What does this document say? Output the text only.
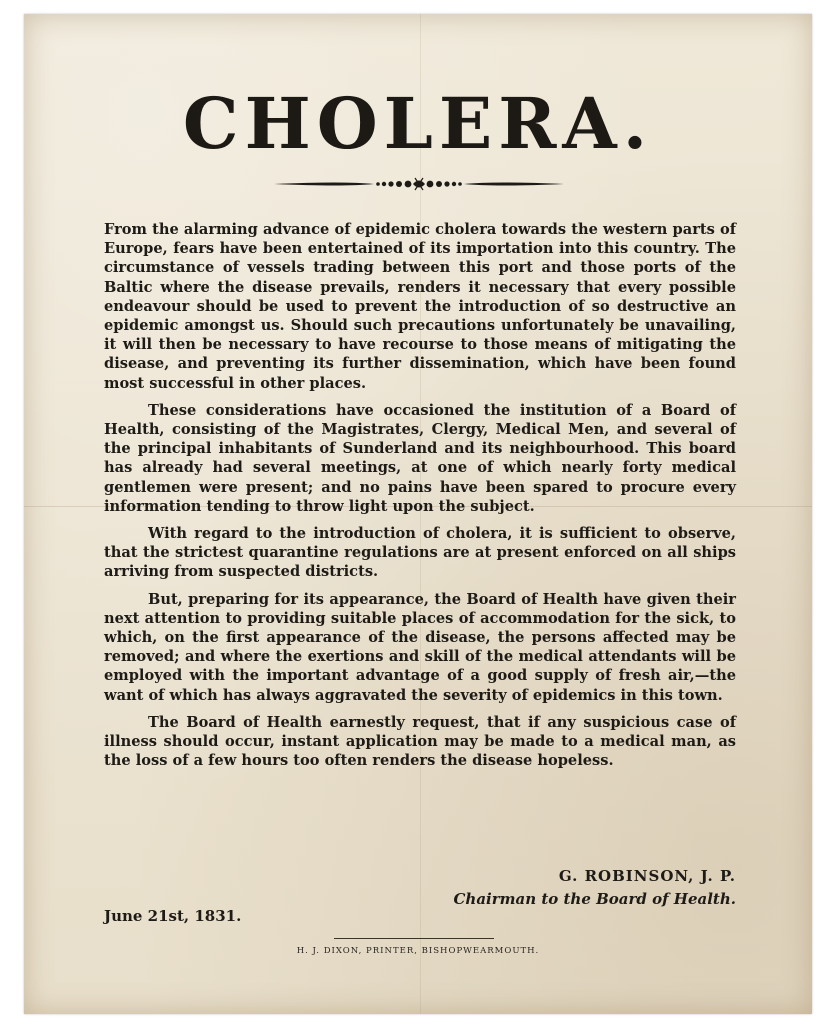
CHOLERA.

From the alarming advance of epidemic cholera towards the western parts of Europe, fears have been entertained of its importation into this country. The circumstance of vessels trading between this port and those ports of the Baltic where the disease prevails, renders it necessary that every possible endeavour should be used to prevent the introduction of so destructive an epidemic amongst us. Should such precautions unfortunately be unavailing, it will then be necessary to have recourse to those means of mitigating the disease, and preventing its further dissemination, which have been found most successful in other places.

These considerations have occasioned the institution of a Board of Health, consisting of the Magistrates, Clergy, Medical Men, and several of the principal inhabitants of Sunderland and its neighbourhood. This board has already had several meetings, at one of which nearly forty medical gentlemen were present; and no pains have been spared to procure every information tending to throw light upon the subject.

With regard to the introduction of cholera, it is sufficient to observe, that the strictest quarantine regulations are at present enforced on all ships arriving from suspected districts.

But, preparing for its appearance, the Board of Health have given their next attention to providing suitable places of accommodation for the sick, to which, on the first appearance of the disease, the persons affected may be removed; and where the exertions and skill of the medical attendants will be employed with the important advantage of a good supply of fresh air,—the want of which has always aggravated the severity of epidemics in this town.

The Board of Health earnestly request, that if any suspicious case of illness should occur, instant application may be made to a medical man, as the loss of a few hours too often renders the disease hopeless.

G. ROBINSON, J. P.
Chairman to the Board of Health.
June 21st, 1831.
H. J. DIXON, PRINTER, BISHOPWEARMOUTH.
